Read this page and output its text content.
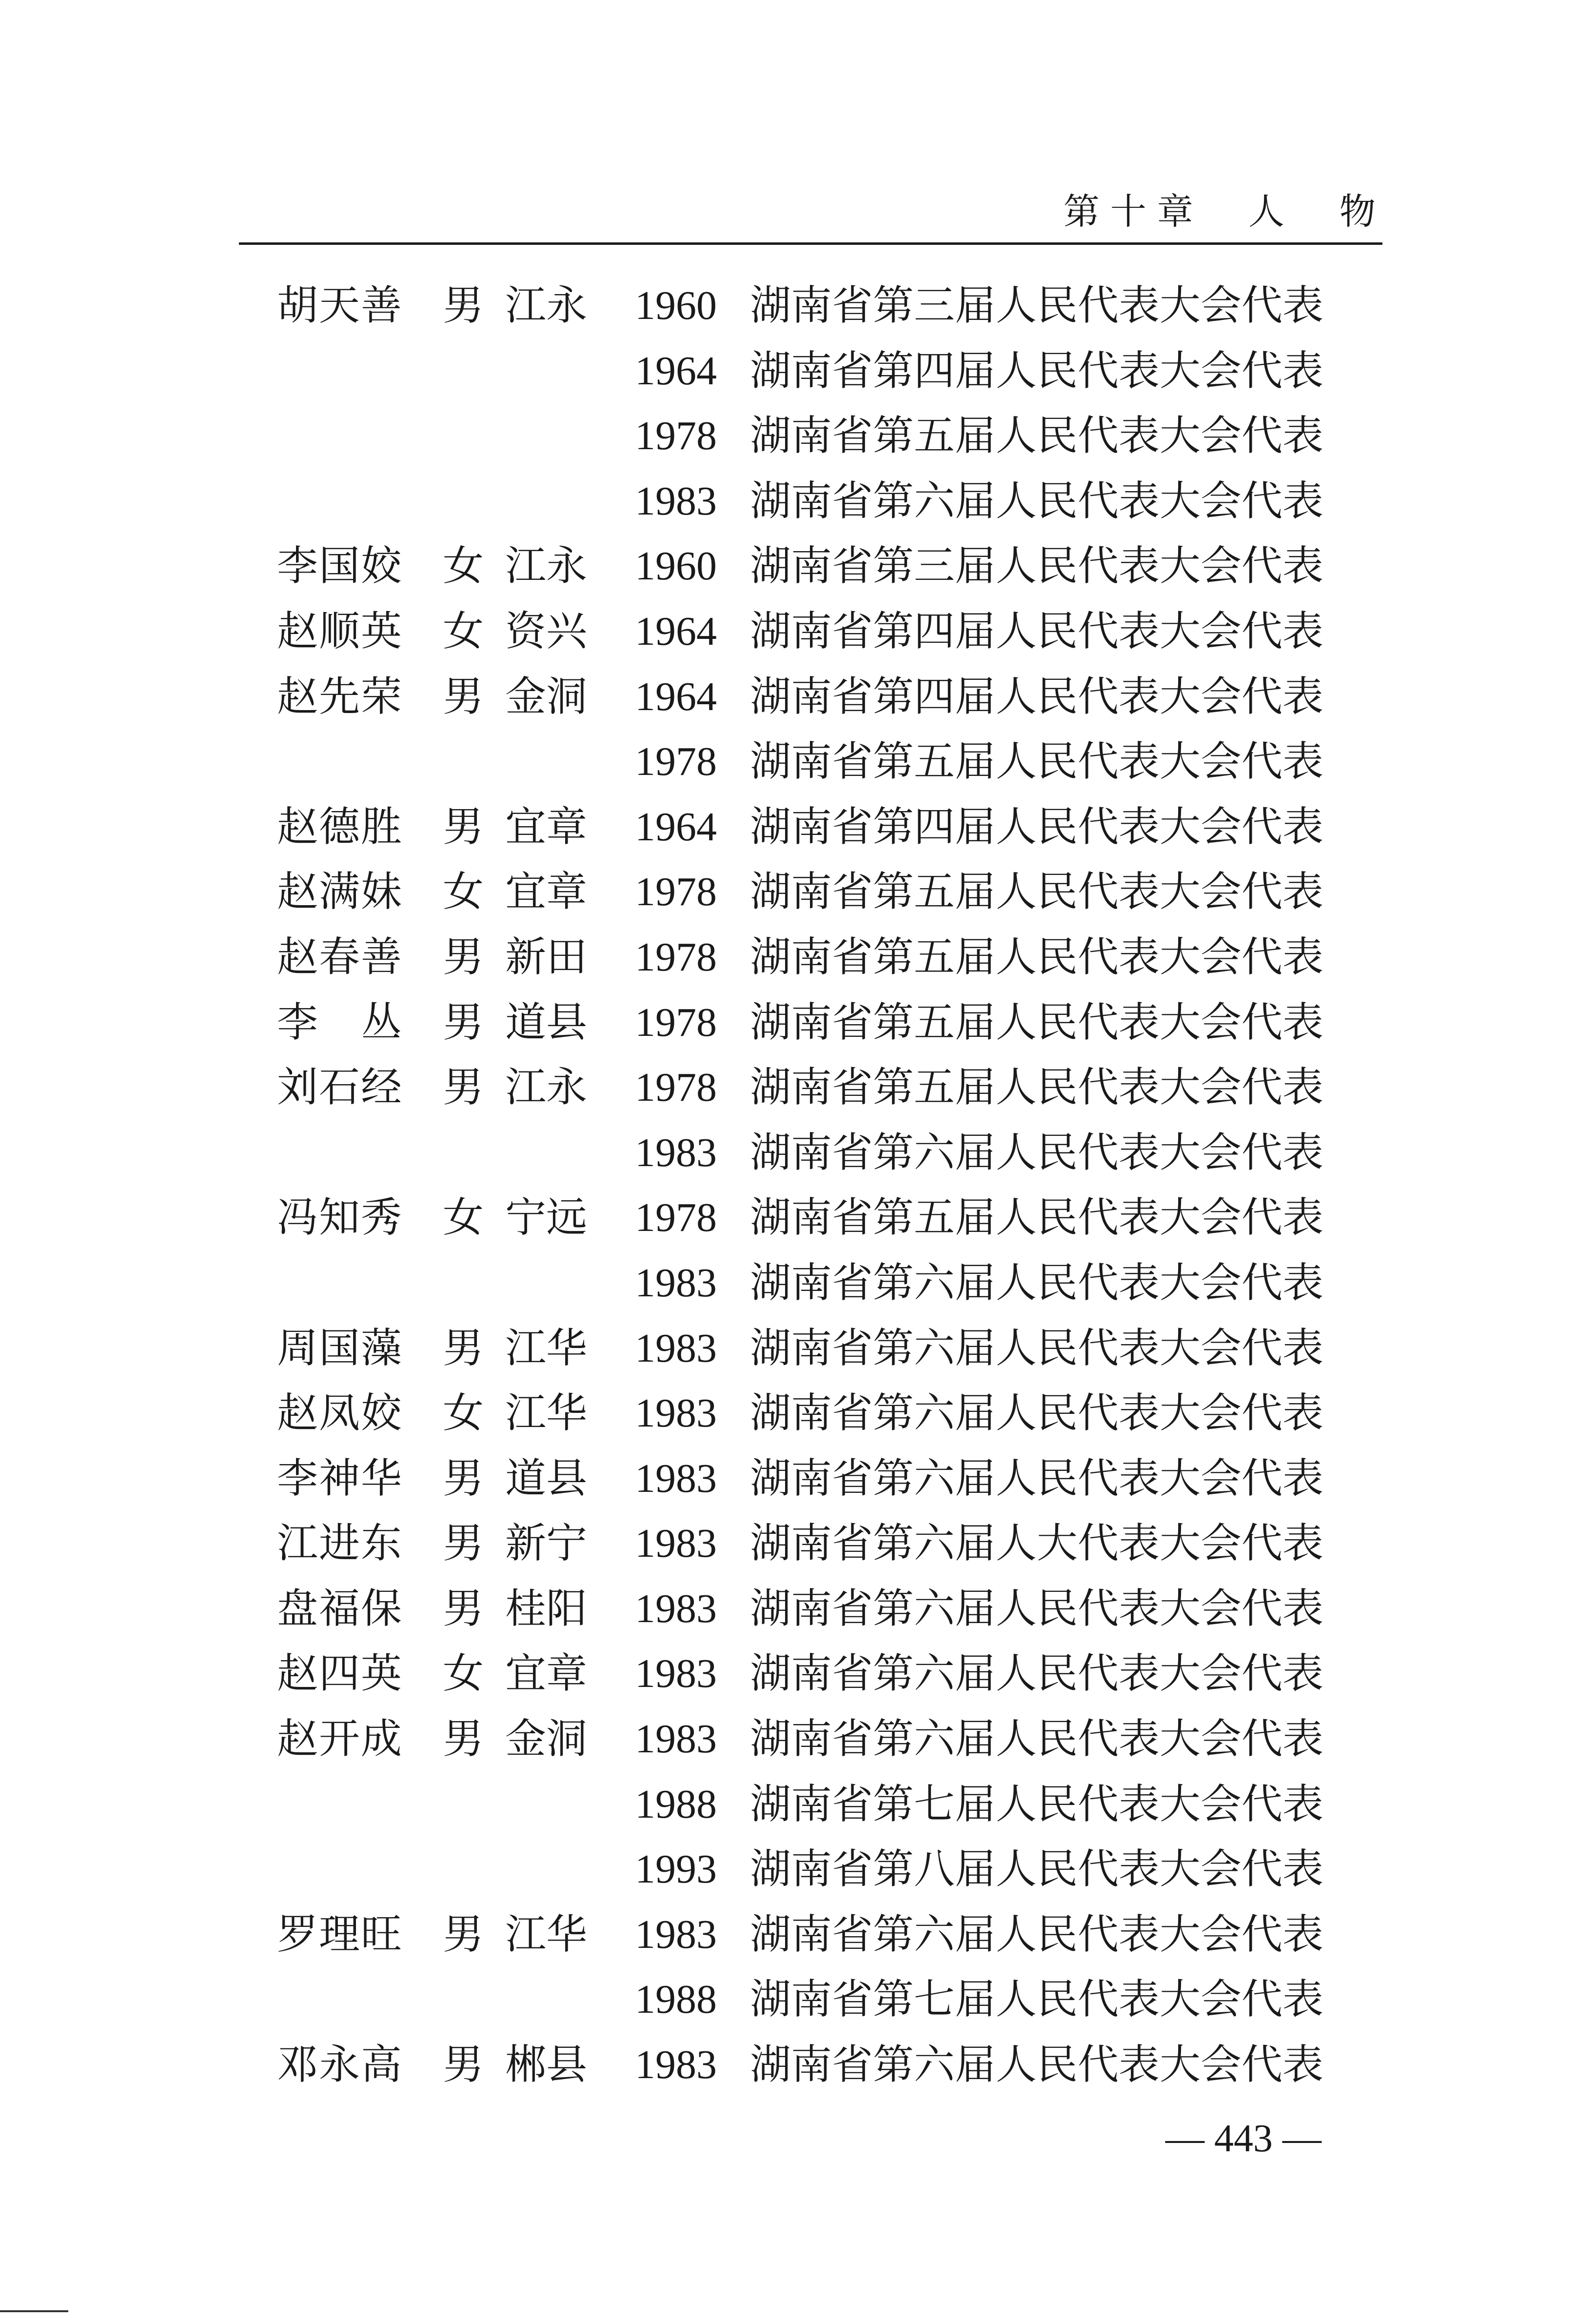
第十章  人  物
胡天善 男 江永 1960 湖南省第三届人民代表大会代表
1964 湖南省第四届人民代表大会代表
1978 湖南省第五届人民代表大会代表
1983 湖南省第六届人民代表大会代表
李国姣 女 江永 1960 湖南省第三届人民代表大会代表
赵顺英 女 资兴 1964 湖南省第四届人民代表大会代表
赵先荣 男 金洞 1964 湖南省第四届人民代表大会代表
1978 湖南省第五届人民代表大会代表
赵德胜 男 宜章 1964 湖南省第四届人民代表大会代表
赵满妹 女 宜章 1978 湖南省第五届人民代表大会代表
赵春善 男 新田 1978 湖南省第五届人民代表大会代表
李　丛 男 道县 1978 湖南省第五届人民代表大会代表
刘石经 男 江永 1978 湖南省第五届人民代表大会代表
1983 湖南省第六届人民代表大会代表
冯知秀 女 宁远 1978 湖南省第五届人民代表大会代表
1983 湖南省第六届人民代表大会代表
周国藻 男 江华 1983 湖南省第六届人民代表大会代表
赵凤姣 女 江华 1983 湖南省第六届人民代表大会代表
李神华 男 道县 1983 湖南省第六届人民代表大会代表
江进东 男 新宁 1983 湖南省第六届人大代表大会代表
盘福保 男 桂阳 1983 湖南省第六届人民代表大会代表
赵四英 女 宜章 1983 湖南省第六届人民代表大会代表
赵开成 男 金洞 1983 湖南省第六届人民代表大会代表
1988 湖南省第七届人民代表大会代表
1993 湖南省第八届人民代表大会代表
罗理旺 男 江华 1983 湖南省第六届人民代表大会代表
1988 湖南省第七届人民代表大会代表
邓永高 男 郴县 1983 湖南省第六届人民代表大会代表
— 443 —
